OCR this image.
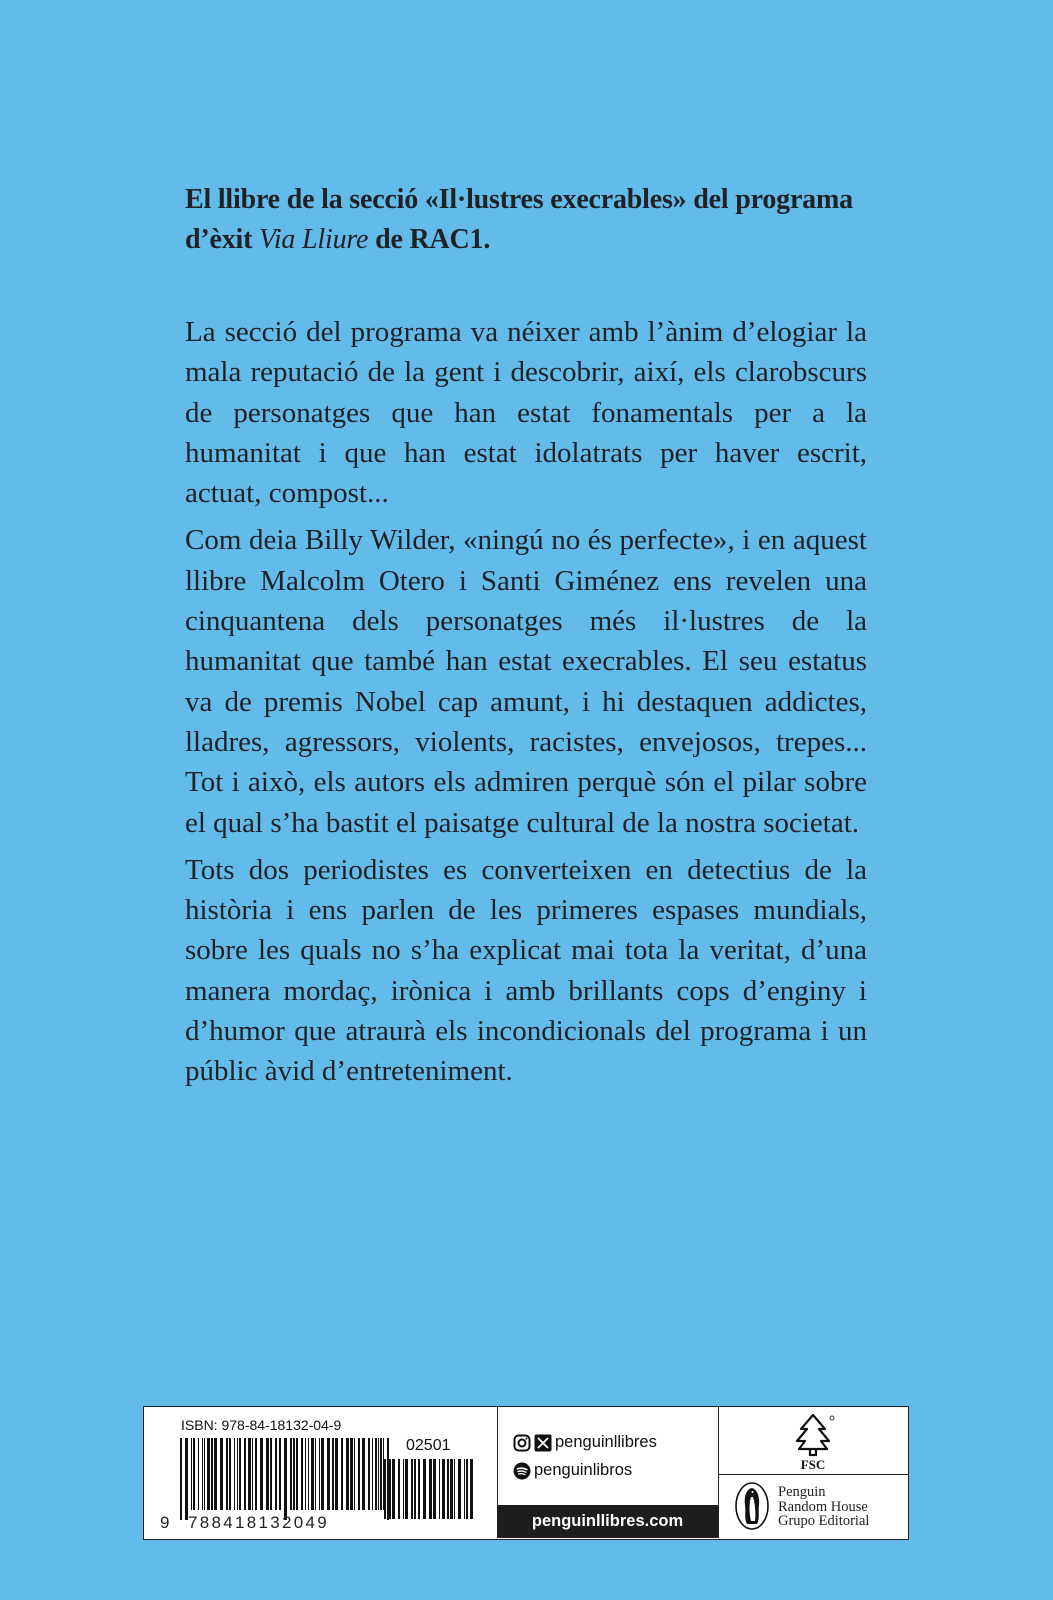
El llibre de la secció «Il·lustres execrables» del programa d’èxit Via Lliure de RAC1.

La secció del programa va néixer amb l’ànim d’elogiar la mala reputació de la gent i descobrir, així, els clarobscurs de personatges que han estat fonamentals per a la humanitat i que han estat idolatrats per haver escrit, actuat, compost...

Com deia Billy Wilder, «ningú no és perfecte», i en aquest llibre Malcolm Otero i Santi Giménez ens revelen una cinquantena dels personatges més il·lustres de la humanitat que també han estat execrables. El seu estatus va de premis Nobel cap amunt, i hi destaquen addictes, lladres, agressors, violents, racistes, envejosos, trepes... Tot i això, els autors els admiren perquè són el pilar sobre el qual s’ha bastit el paisatge cultural de la nostra societat.

Tots dos periodistes es converteixen en detectius de la història i ens parlen de les primeres espases mundials, sobre les quals no s’ha explicat mai tota la veritat, d’una manera mordaç, irònica i amb brillants cops d’enginy i d’humor que atraurà els incondicionals del programa i un públic àvid d’entreteniment.

ISBN: 978-84-18132-04-9
02501
9 788418132049
penguinllibres
penguinlibros
penguinllibres.com
FSC
Penguin
Random House
Grupo Editorial
